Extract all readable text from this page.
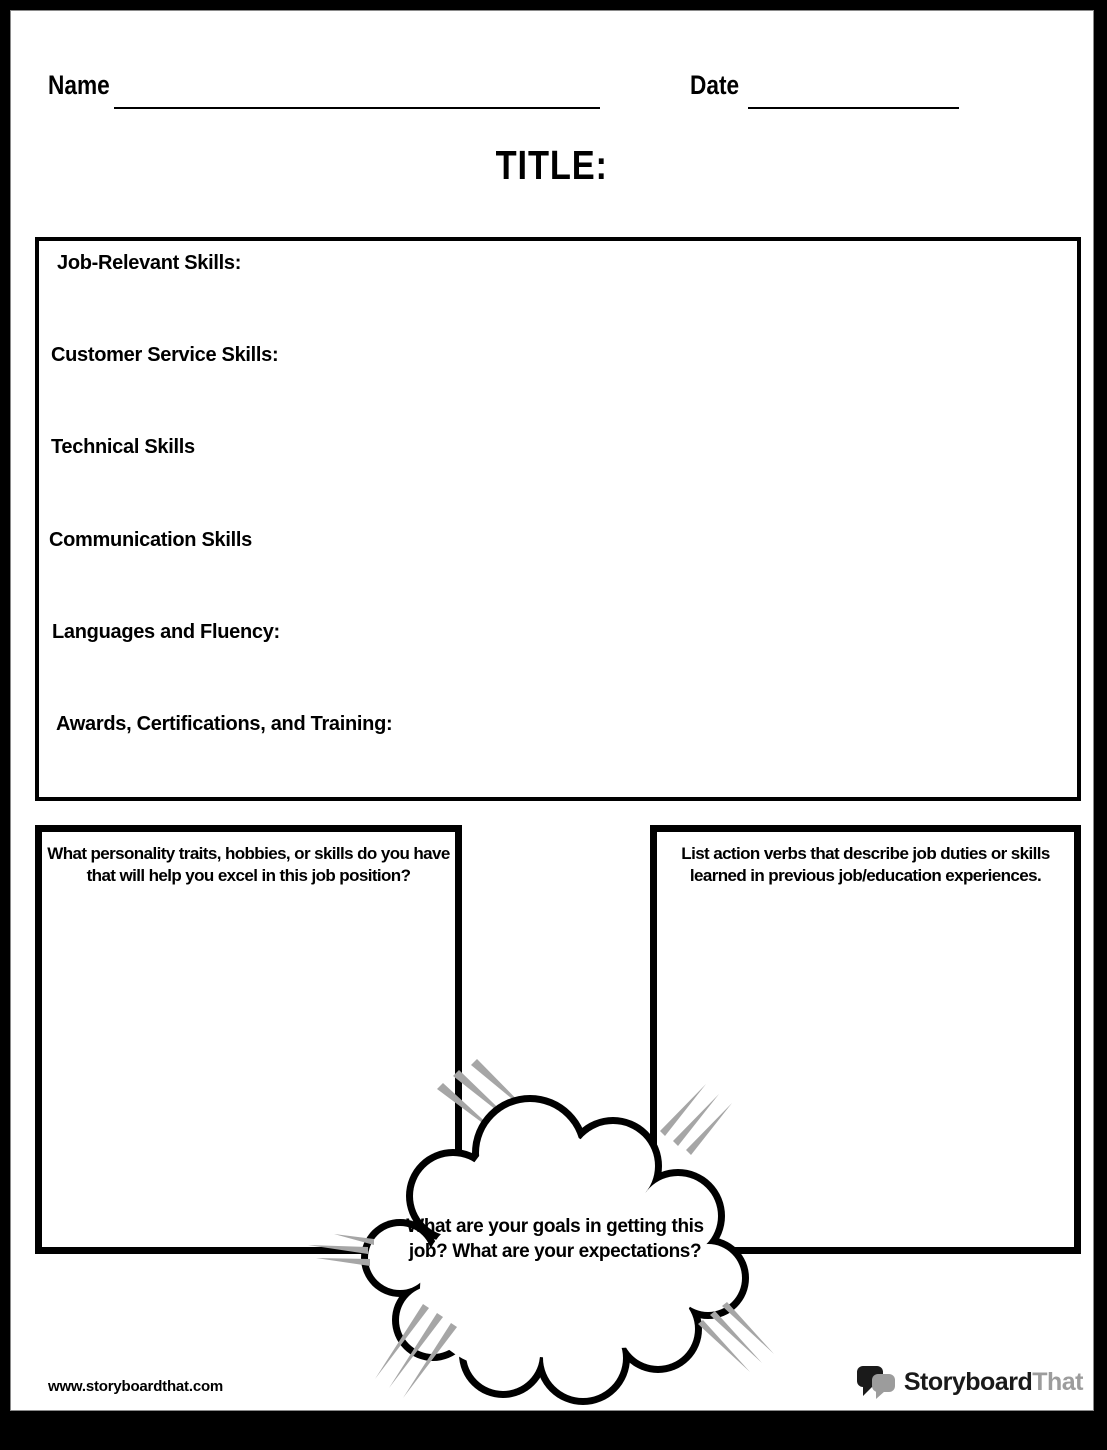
Name	Date
TITLE:
Job-Relevant Skills:
Customer Service Skills:
Technical Skills
Communication Skills
Languages and Fluency:
Awards, Certifications, and Training:
What personality traits, hobbies, or skills do you have that will help you excel in this job position?
List action verbs that describe job duties or skills learned in previous job/education experiences.
What are your goals in getting this job? What are your expectations?
www.storyboardthat.com	StoryboardThat
